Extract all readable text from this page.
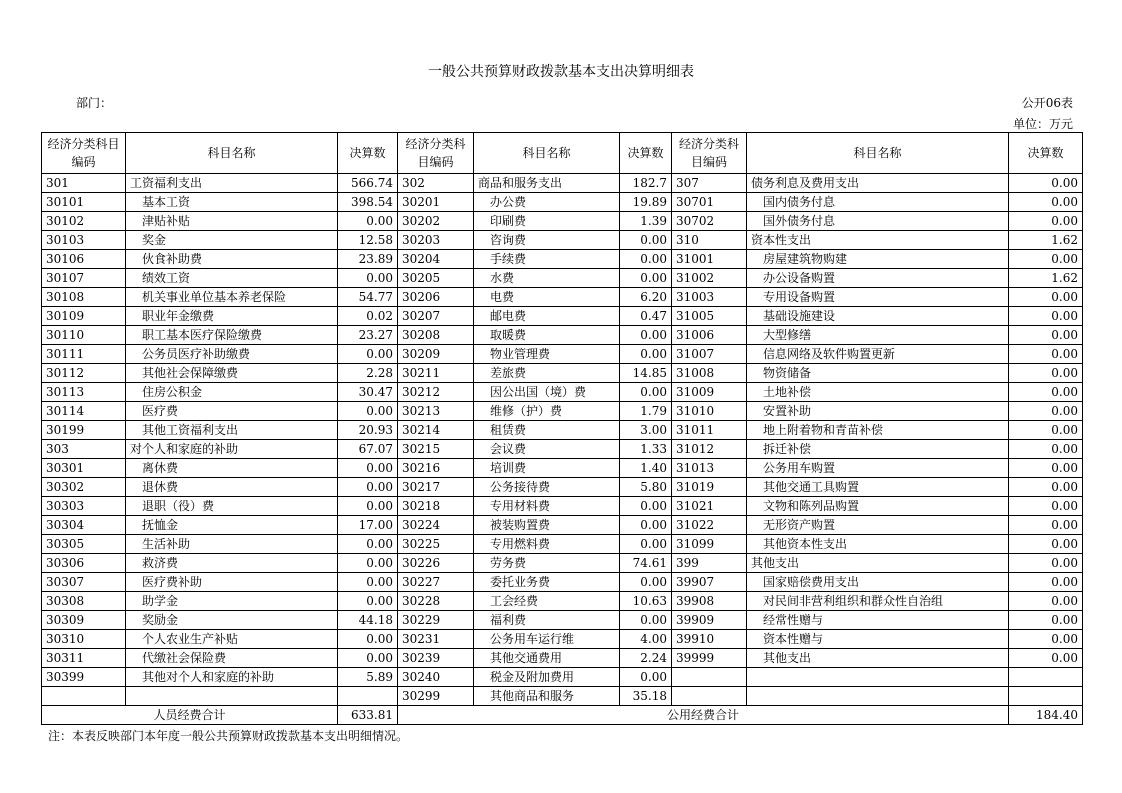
一般公共预算财政拨款基本支出决算明细表
部门：	公开06表
单位：万元
经济分类科目编码	科目名称	决算数	经济分类科目编码	科目名称	决算数	经济分类科目编码	科目名称	决算数
301	工资福利支出	566.74	302	商品和服务支出	182.7	307	债务利息及费用支出	0.00
30101	基本工资	398.54	30201	办公费	19.89	30701	国内债务付息	0.00
30102	津贴补贴	0.00	30202	印刷费	1.39	30702	国外债务付息	0.00
30103	奖金	12.58	30203	咨询费	0.00	310	资本性支出	1.62
30106	伙食补助费	23.89	30204	手续费	0.00	31001	房屋建筑物购建	0.00
30107	绩效工资	0.00	30205	水费	0.00	31002	办公设备购置	1.62
30108	机关事业单位基本养老保险	54.77	30206	电费	6.20	31003	专用设备购置	0.00
30109	职业年金缴费	0.02	30207	邮电费	0.47	31005	基础设施建设	0.00
30110	职工基本医疗保险缴费	23.27	30208	取暖费	0.00	31006	大型修缮	0.00
30111	公务员医疗补助缴费	0.00	30209	物业管理费	0.00	31007	信息网络及软件购置更新	0.00
30112	其他社会保障缴费	2.28	30211	差旅费	14.85	31008	物资储备	0.00
30113	住房公积金	30.47	30212	因公出国（境）费	0.00	31009	土地补偿	0.00
30114	医疗费	0.00	30213	维修（护）费	1.79	31010	安置补助	0.00
30199	其他工资福利支出	20.93	30214	租赁费	3.00	31011	地上附着物和青苗补偿	0.00
303	对个人和家庭的补助	67.07	30215	会议费	1.33	31012	拆迁补偿	0.00
30301	离休费	0.00	30216	培训费	1.40	31013	公务用车购置	0.00
30302	退休费	0.00	30217	公务接待费	5.80	31019	其他交通工具购置	0.00
30303	退职（役）费	0.00	30218	专用材料费	0.00	31021	文物和陈列品购置	0.00
30304	抚恤金	17.00	30224	被装购置费	0.00	31022	无形资产购置	0.00
30305	生活补助	0.00	30225	专用燃料费	0.00	31099	其他资本性支出	0.00
30306	救济费	0.00	30226	劳务费	74.61	399	其他支出	0.00
30307	医疗费补助	0.00	30227	委托业务费	0.00	39907	国家赔偿费用支出	0.00
30308	助学金	0.00	30228	工会经费	10.63	39908	对民间非营利组织和群众性自治组	0.00
30309	奖励金	44.18	30229	福利费	0.00	39909	经常性赠与	0.00
30310	个人农业生产补贴	0.00	30231	公务用车运行维	4.00	39910	资本性赠与	0.00
30311	代缴社会保险费	0.00	30239	其他交通费用	2.24	39999	其他支出	0.00
30399	其他对个人和家庭的补助	5.89	30240	税金及附加费用	0.00			
			30299	其他商品和服务	35.18			
人员经费合计		633.81	公用经费合计					184.40
注：本表反映部门本年度一般公共预算财政拨款基本支出明细情况。
